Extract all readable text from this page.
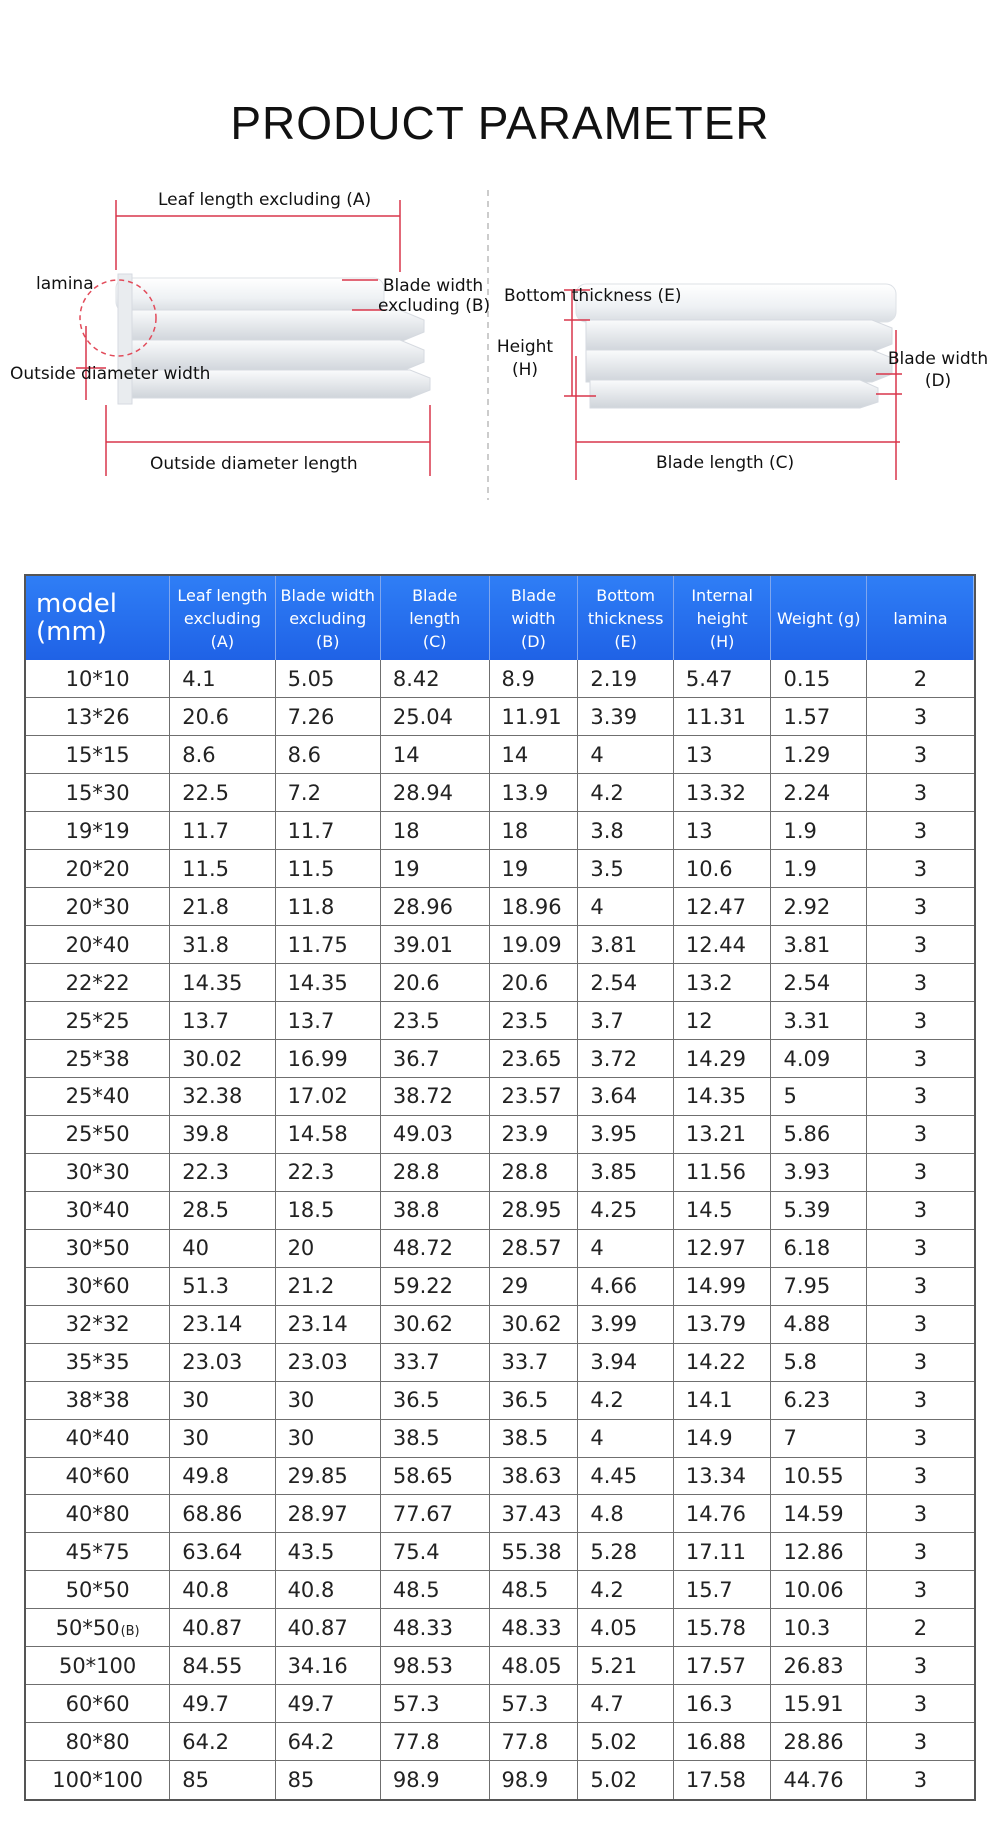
PRODUCT PARAMETER
Leaf length excluding (A)
lamina	Blade width
excluding (B)
Outside diameter width
Outside diameter length
Bottom thickness (E)
Height
(H)
Blade width
(D)
Blade length (C)
model
(mm)	Leaf length
excluding
(A)	Blade width
excluding
(B)	Blade
length
(C)	Blade
width
(D)	Bottom
thickness
(E)	Internal
height
(H)	Weight (g)	lamina
10*10	4.1	5.05	8.42	8.9	2.19	5.47	0.15	2
13*26	20.6	7.26	25.04	11.91	3.39	11.31	1.57	3
15*15	8.6	8.6	14	14	4	13	1.29	3
15*30	22.5	7.2	28.94	13.9	4.2	13.32	2.24	3
19*19	11.7	11.7	18	18	3.8	13	1.9	3
20*20	11.5	11.5	19	19	3.5	10.6	1.9	3
20*30	21.8	11.8	28.96	18.96	4	12.47	2.92	3
20*40	31.8	11.75	39.01	19.09	3.81	12.44	3.81	3
22*22	14.35	14.35	20.6	20.6	2.54	13.2	2.54	3
25*25	13.7	13.7	23.5	23.5	3.7	12	3.31	3
25*38	30.02	16.99	36.7	23.65	3.72	14.29	4.09	3
25*40	32.38	17.02	38.72	23.57	3.64	14.35	5	3
25*50	39.8	14.58	49.03	23.9	3.95	13.21	5.86	3
30*30	22.3	22.3	28.8	28.8	3.85	11.56	3.93	3
30*40	28.5	18.5	38.8	28.95	4.25	14.5	5.39	3
30*50	40	20	48.72	28.57	4	12.97	6.18	3
30*60	51.3	21.2	59.22	29	4.66	14.99	7.95	3
32*32	23.14	23.14	30.62	30.62	3.99	13.79	4.88	3
35*35	23.03	23.03	33.7	33.7	3.94	14.22	5.8	3
38*38	30	30	36.5	36.5	4.2	14.1	6.23	3
40*40	30	30	38.5	38.5	4	14.9	7	3
40*60	49.8	29.85	58.65	38.63	4.45	13.34	10.55	3
40*80	68.86	28.97	77.67	37.43	4.8	14.76	14.59	3
45*75	63.64	43.5	75.4	55.38	5.28	17.11	12.86	3
50*50	40.8	40.8	48.5	48.5	4.2	15.7	10.06	3
50*50(B)	40.87	40.87	48.33	48.33	4.05	15.78	10.3	2
50*100	84.55	34.16	98.53	48.05	5.21	17.57	26.83	3
60*60	49.7	49.7	57.3	57.3	4.7	16.3	15.91	3
80*80	64.2	64.2	77.8	77.8	5.02	16.88	28.86	3
100*100	85	85	98.9	98.9	5.02	17.58	44.76	3
